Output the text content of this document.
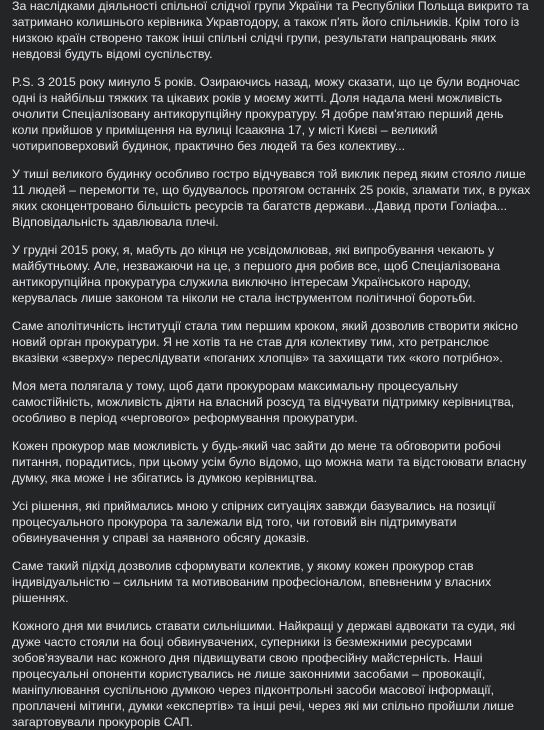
За наслідками діяльності спільної слідчої групи України та Республіки Польща викрито та затримано колишнього керівника Укравтодору, а також п'ять його спільників. Крім того із низкою країн створено також інші спільні слідчі групи, результати напрацювань яких невдовзі будуть відомі суспільству.

P.S. З 2015 року минуло 5 років. Озираючись назад, можу сказати, що це були водночас одні із найбільш тяжких та цікавих років у моєму житті. Доля надала мені можливість очолити Спеціалізовану антикорупційну прокуратуру. Я добре пам'ятаю перший день коли прийшов у приміщення на вулиці Ісаакяна 17, у місті Києві – великий чотириповерховий будинок, практично без людей та без колективу...

У тиші великого будинку особливо гостро відчувався той виклик перед яким стояло лише 11 людей – перемогти те, що будувалось протягом останніх 25 років, зламати тих, в руках яких сконцентровано більшість ресурсів та багатств держави...Давид проти Голіафа... Відповідальність здавлювала плечі.

У грудні 2015 року, я, мабуть до кінця не усвідомлював, які випробування чекають у майбутньому. Але, незважаючи на це, з першого дня робив все, щоб Спеціалізована антикорупційна прокуратура служила виключно інтересам Українського народу, керувалась лише законом та ніколи не стала інструментом політичної боротьби.

Саме аполітичність інституції стала тим першим кроком, який дозволив створити якісно новий орган прокуратури. Я не хотів та не став для колективу тим, хто ретранслює вказівки «зверху» переслідувати «поганих хлопців» та захищати тих «кого потрібно».

Моя мета полягала у тому, щоб дати прокурорам максимальну процесуальну самостійність, можливість діяти на власний розсуд та відчувати підтримку керівництва, особливо в період «чергового» реформування прокуратури.

Кожен прокурор мав можливість у будь-який час зайти до мене та обговорити робочі питання, порадитись, при цьому усім було відомо, що можна мати та відстоювати власну думку, яка може і не збігатись із думкою керівництва.

Усі рішення, які приймались мною у спірних ситуаціях завжди базувались на позиції процесуального прокурора та залежали від того, чи готовий він підтримувати обвинувачення у справі за наявного обсягу доказів.

Саме такий підхід дозволив сформувати колектив, у якому кожен прокурор став індивідуальністю – сильним та мотивованим професіоналом, впевненим у власних рішеннях.

Кожного дня ми вчились ставати сильнішими. Найкращі у державі адвокати та суди, які дуже часто стояли на боці обвинувачених, суперники із безмежними ресурсами зобов'язували нас кожного дня підвищувати свою професійну майстерність. Наші процесуальні опоненти користувались не лише законними засобами – провокації, маніпулювання суспільною думкою через підконтрольні засоби масової інформації, проплачені мітинги, думки «експертів» та інші речі, через які ми спільно пройшли лише загартовували прокурорів САП.
